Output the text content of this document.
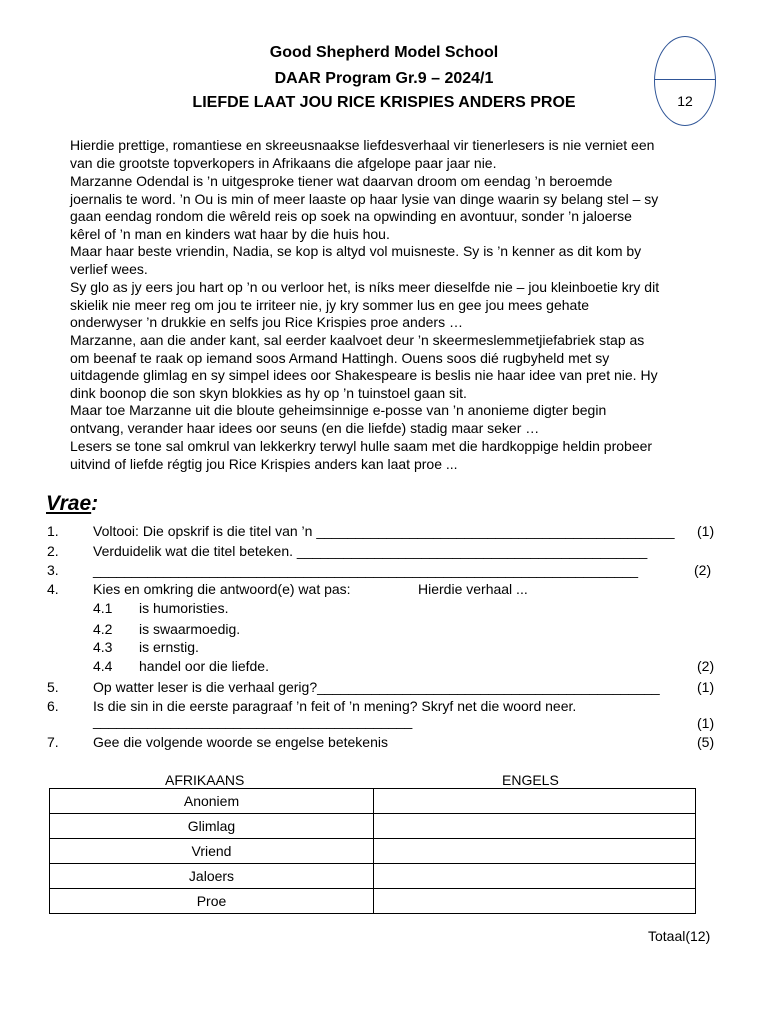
Good Shepherd Model School
DAAR Program Gr.9 – 2024/1
LIEFDE LAAT JOU RICE KRISPIES ANDERS PROE	12
Hierdie prettige, romantiese en skreeusnaakse liefdesverhaal vir tienerlesers is nie verniet een
van die grootste topverkopers in Afrikaans die afgelope paar jaar nie.
Marzanne Odendal is ’n uitgesproke tiener wat daarvan droom om eendag ’n beroemde
joernalis te word. ’n Ou is min of meer laaste op haar lysie van dinge waarin sy belang stel – sy
gaan eendag rondom die wêreld reis op soek na opwinding en avontuur, sonder ’n jaloerse
kêrel of ’n man en kinders wat haar by die huis hou.
Maar haar beste vriendin, Nadia, se kop is altyd vol muisneste. Sy is ’n kenner as dit kom by
verlief wees.
Sy glo as jy eers jou hart op ’n ou verloor het, is níks meer dieselfde nie – jou kleinboetie kry dit
skielik nie meer reg om jou te irriteer nie, jy kry sommer lus en gee jou mees gehate
onderwyser ’n drukkie en selfs jou Rice Krispies proe anders …
Marzanne, aan die ander kant, sal eerder kaalvoet deur ’n skeermeslemmetjiefabriek stap as
om beenaf te raak op iemand soos Armand Hattingh. Ouens soos dié rugbyheld met sy
uitdagende glimlag en sy simpel idees oor Shakespeare is beslis nie haar idee van pret nie. Hy
dink boonop die son skyn blokkies as hy op ’n tuinstoel gaan sit.
Maar toe Marzanne uit die bloute geheimsinnige e-posse van ’n anonieme digter begin
ontvang, verander haar idees oor seuns (en die liefde) stadig maar seker …
Lesers se tone sal omkrul van lekkerkry terwyl hulle saam met die hardkoppige heldin probeer
uitvind of liefde régtig jou Rice Krispies anders kan laat proe ...
Vrae:
1. Voltooi: Die opskrif is die titel van ’n ______________________________________________ (1)
2. Verduidelik wat die titel beteken. _____________________________________________
3. ______________________________________________________________________	(2)
4. Kies en omkring die antwoord(e) wat pas:	Hierdie verhaal ...
4.1 is humoristies.
4.2 is swaarmoedig.
4.3 is ernstig.
4.4 handel oor die liefde.	(2)
5. Op watter leser is die verhaal gerig?____________________________________________	(1)
6. Is die sin in die eerste paragraaf ’n feit of ’n mening? Skryf net die woord neer.
_________________________________________	(1)
7. Gee die volgende woorde se engelse betekenis	(5)
AFRIKAANS	ENGELS
Anoniem	
Glimlag	
Vriend	
Jaloers	
Proe	
Totaal(12)
